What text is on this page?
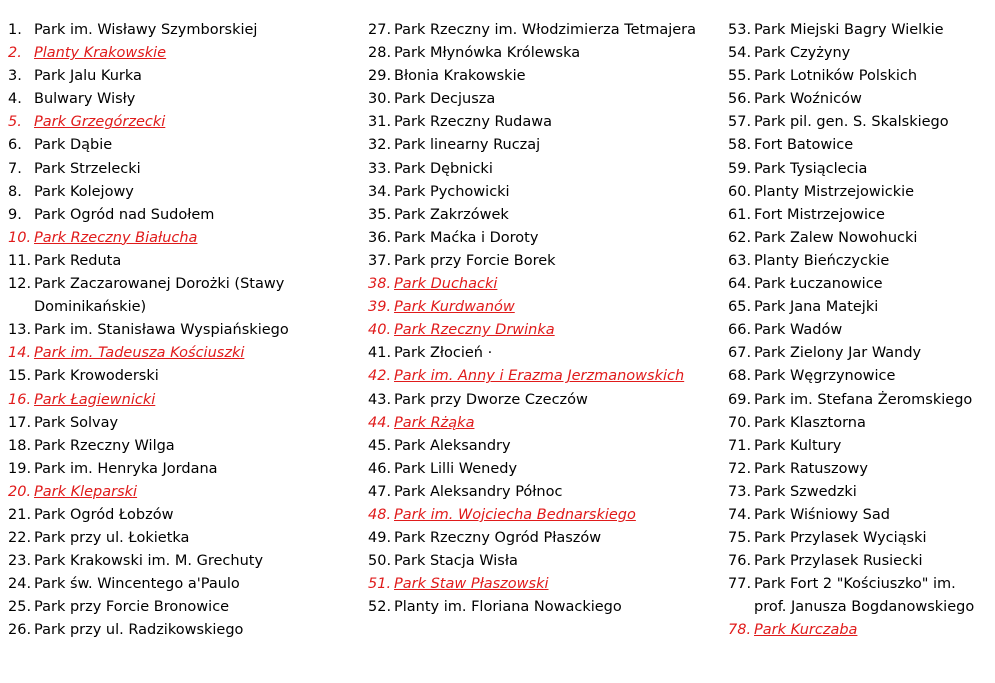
1. Park im. Wisławy Szymborskiej
2. Planty Krakowskie
3. Park Jalu Kurka
4. Bulwary Wisły
5. Park Grzegórzecki
6. Park Dąbie
7. Park Strzelecki
8. Park Kolejowy
9. Park Ogród nad Sudołem
10. Park Rzeczny Białucha
11. Park Reduta
12. Park Zaczarowanej Dorożki (Stawy Dominikańskie)
13. Park im. Stanisława Wyspiańskiego
14. Park im. Tadeusza Kościuszki
15. Park Krowoderski
16. Park Łagiewnicki
17. Park Solvay
18. Park Rzeczny Wilga
19. Park im. Henryka Jordana
20. Park Kleparski
21. Park Ogród Łobzów
22. Park przy ul. Łokietka
23. Park Krakowski im. M. Grechuty
24. Park św. Wincentego a'Paulo
25. Park przy Forcie Bronowice
26. Park przy ul. Radzikowskiego
27. Park Rzeczny im. Włodzimierza Tetmajera
28. Park Młynówka Królewska
29. Błonia Krakowskie
30. Park Decjusza
31. Park Rzeczny Rudawa
32. Park linearny Ruczaj
33. Park Dębnicki
34. Park Pychowicki
35. Park Zakrzówek
36. Park Maćka i Doroty
37. Park przy Forcie Borek
38. Park Duchacki
39. Park Kurdwanów
40. Park Rzeczny Drwinka
41. Park Złocień ·
42. Park im. Anny i Erazma Jerzmanowskich
43. Park przy Dworze Czeczów
44. Park Rżąka
45. Park Aleksandry
46. Park Lilli Wenedy
47. Park Aleksandry Północ
48. Park im. Wojciecha Bednarskiego
49. Park Rzeczny Ogród Płaszów
50. Park Stacja Wisła
51. Park Staw Płaszowski
52. Planty im. Floriana Nowackiego
53. Park Miejski Bagry Wielkie
54. Park Czyżyny
55. Park Lotników Polskich
56. Park Woźniców
57. Park pil. gen. S. Skalskiego
58. Fort Batowice
59. Park Tysiąclecia
60. Planty Mistrzejowickie
61. Fort Mistrzejowice
62. Park Zalew Nowohucki
63. Planty Bieńczyckie
64. Park Łuczanowice
65. Park Jana Matejki
66. Park Wadów
67. Park Zielony Jar Wandy
68. Park Węgrzynowice
69. Park im. Stefana Żeromskiego
70. Park Klasztorna
71. Park Kultury
72. Park Ratuszowy
73. Park Szwedzki
74. Park Wiśniowy Sad
75. Park Przylasek Wyciąski
76. Park Przylasek Rusiecki
77. Park Fort 2 "Kościuszko" im. prof. Janusza Bogdanowskiego
78. Park Kurczaba
